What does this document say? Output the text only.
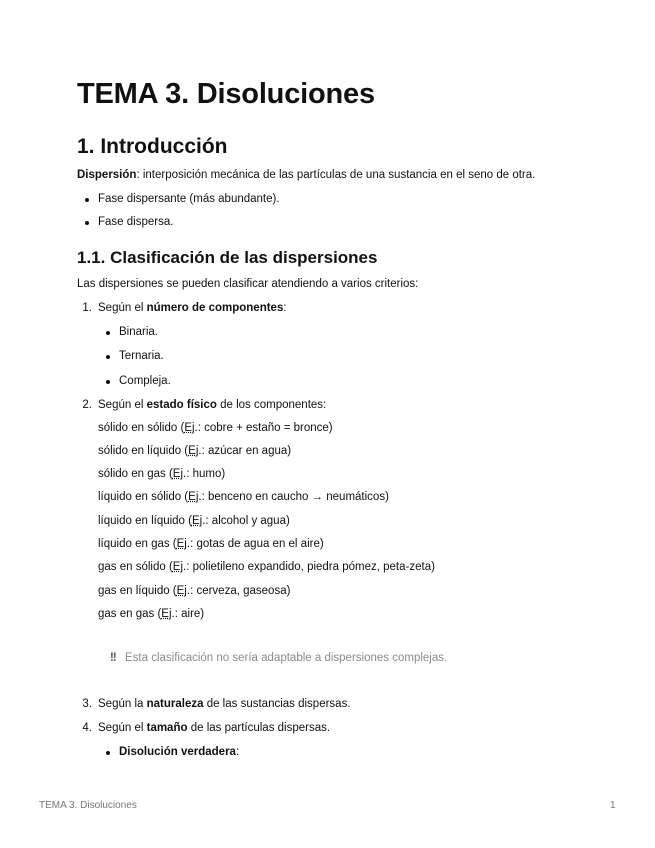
TEMA 3. Disoluciones
1. Introducción
Dispersión: interposición mecánica de las partículas de una sustancia en el seno de otra.
Fase dispersante (más abundante).
Fase dispersa.
1.1. Clasificación de las dispersiones
Las dispersiones se pueden clasificar atendiendo a varios criterios:
1. Según el número de componentes:
Binaria.
Ternaria.
Compleja.
2. Según el estado físico de los componentes:
sólido en sólido (Ej.: cobre + estaño = bronce)
sólido en líquido (Ej.: azúcar en agua)
sólido en gas (Ej.: humo)
líquido en sólido (Ej.: benceno en caucho → neumáticos)
líquido en líquido (Ej.: alcohol y agua)
líquido en gas (Ej.: gotas de agua en el aire)
gas en sólido (Ej.: polietileno expandido, piedra pómez, peta-zeta)
gas en líquido (Ej.: cerveza, gaseosa)
gas en gas (Ej.: aire)
!! Esta clasificación no sería adaptable a dispersiones complejas.
3. Según la naturaleza de las sustancias dispersas.
4. Según el tamaño de las partículas dispersas.
Disolución verdadera:
TEMA 3. Disoluciones	1
